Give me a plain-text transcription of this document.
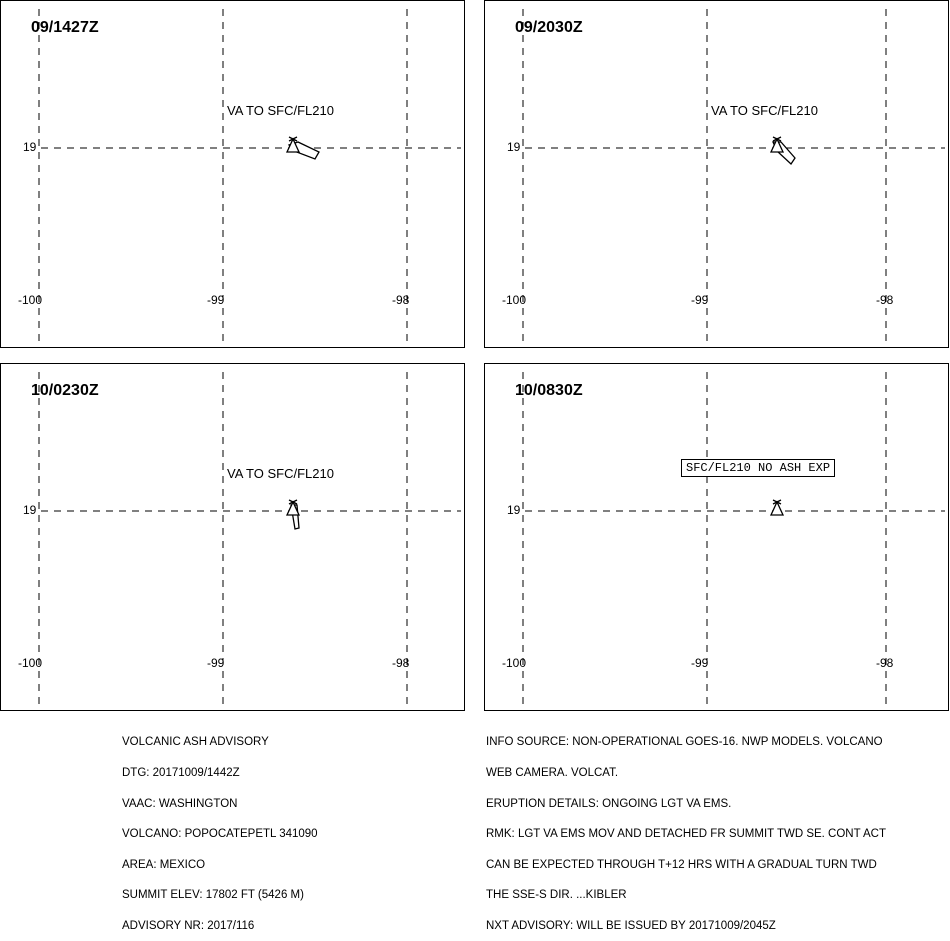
09/1427Z
VA TO SFC/FL210
19
-100	-99	-98
09/2030Z
VA TO SFC/FL210
19
-100	-99	-98
10/0230Z
VA TO SFC/FL210
19
-100	-99	-98
10/0830Z
SFC/FL210 NO ASH EXP
19
-100	-99	-98

VOLCANIC ASH ADVISORY

DTG: 20171009/1442Z

VAAC: WASHINGTON

VOLCANO: POPOCATEPETL 341090

AREA: MEXICO

SUMMIT ELEV: 17802 FT (5426 M)

ADVISORY NR: 2017/116

INFO SOURCE: NON-OPERATIONAL GOES-16. NWP MODELS. VOLCANO

WEB CAMERA. VOLCAT.

ERUPTION DETAILS: ONGOING LGT VA EMS.

RMK: LGT VA EMS MOV AND DETACHED FR SUMMIT TWD SE. CONT ACT

CAN BE EXPECTED THROUGH T+12 HRS WITH A GRADUAL TURN TWD

THE SSE-S DIR. ...KIBLER

NXT ADVISORY: WILL BE ISSUED BY 20171009/2045Z
